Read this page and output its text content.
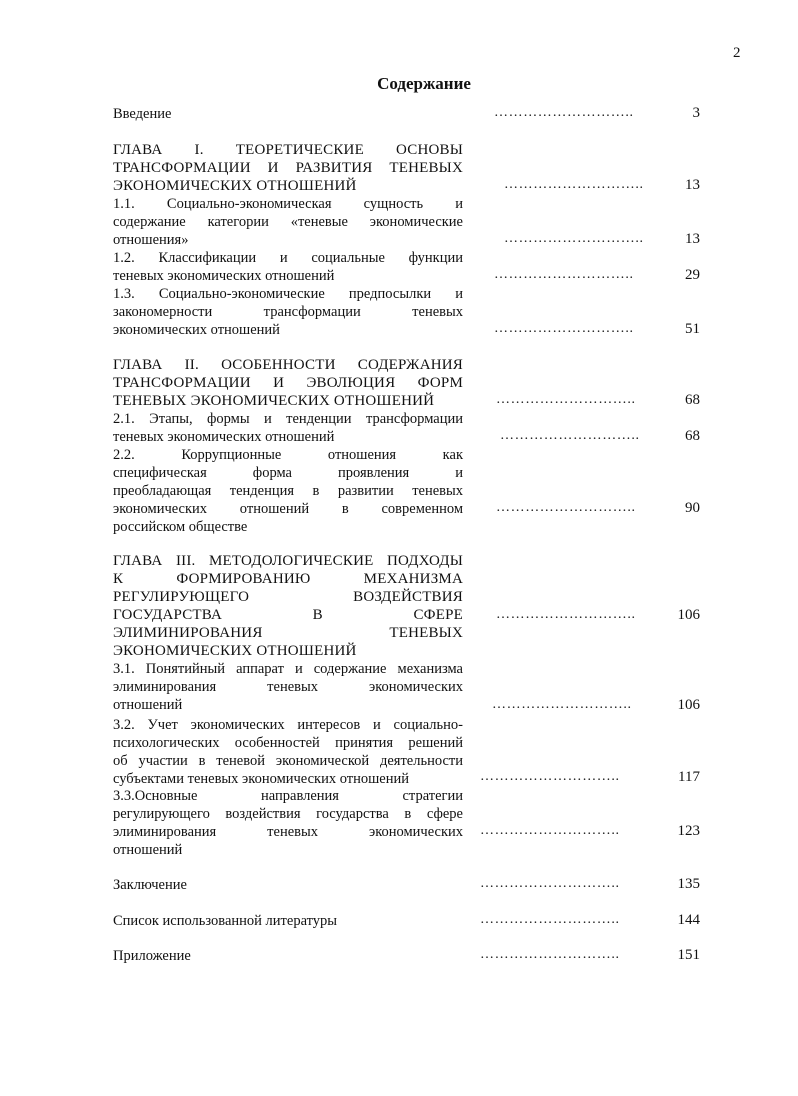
2
Содержание
Введение	………………………..	3
ГЛАВА I. ТЕОРЕТИЧЕСКИЕ ОСНОВЫ
ТРАНСФОРМАЦИИ И РАЗВИТИЯ ТЕНЕВЫХ
ЭКОНОМИЧЕСКИХ ОТНОШЕНИЙ	………………………..	13
1.1. Социально-экономическая сущность и
содержание категории «теневые экономические
отношения»	………………………..	13
1.2. Классификации и социальные функции
теневых экономических отношений	………………………..	29
1.3. Социально-экономические предпосылки и
закономерности трансформации теневых
экономических отношений	………………………..	51
ГЛАВА II. ОСОБЕННОСТИ СОДЕРЖАНИЯ
ТРАНСФОРМАЦИИ И ЭВОЛЮЦИЯ ФОРМ
ТЕНЕВЫХ ЭКОНОМИЧЕСКИХ ОТНОШЕНИЙ	………………………..	68
2.1. Этапы, формы и тенденции трансформации
теневых экономических отношений	………………………..	68
2.2. Коррупционные отношения как
специфическая форма проявления и
преобладающая тенденция в развитии теневых
экономических отношений в современном
российском обществе
………………………..	90
ГЛАВА III. МЕТОДОЛОГИЧЕСКИЕ ПОДХОДЫ
К ФОРМИРОВАНИЮ МЕХАНИЗМА
РЕГУЛИРУЮЩЕГО ВОЗДЕЙСТВИЯ
ГОСУДАРСТВА В СФЕРЕ
ЭЛИМИНИРОВАНИЯ ТЕНЕВЫХ
ЭКОНОМИЧЕСКИХ ОТНОШЕНИЙ
………………………..	106
3.1. Понятийный аппарат и содержание механизма
элиминирования теневых экономических
отношений	………………………..	106
3.2. Учет экономических интересов и социально-
психологических особенностей принятия решений
об участии в теневой экономической деятельности
субъектами теневых экономических отношений	………………………..	117
3.3.Основные направления стратегии
регулирующего воздействия государства в сфере
элиминирования теневых экономических
отношений
………………………..	123
Заключение	………………………..	135
Список использованной литературы	………………………..	144
Приложение	………………………..	151
